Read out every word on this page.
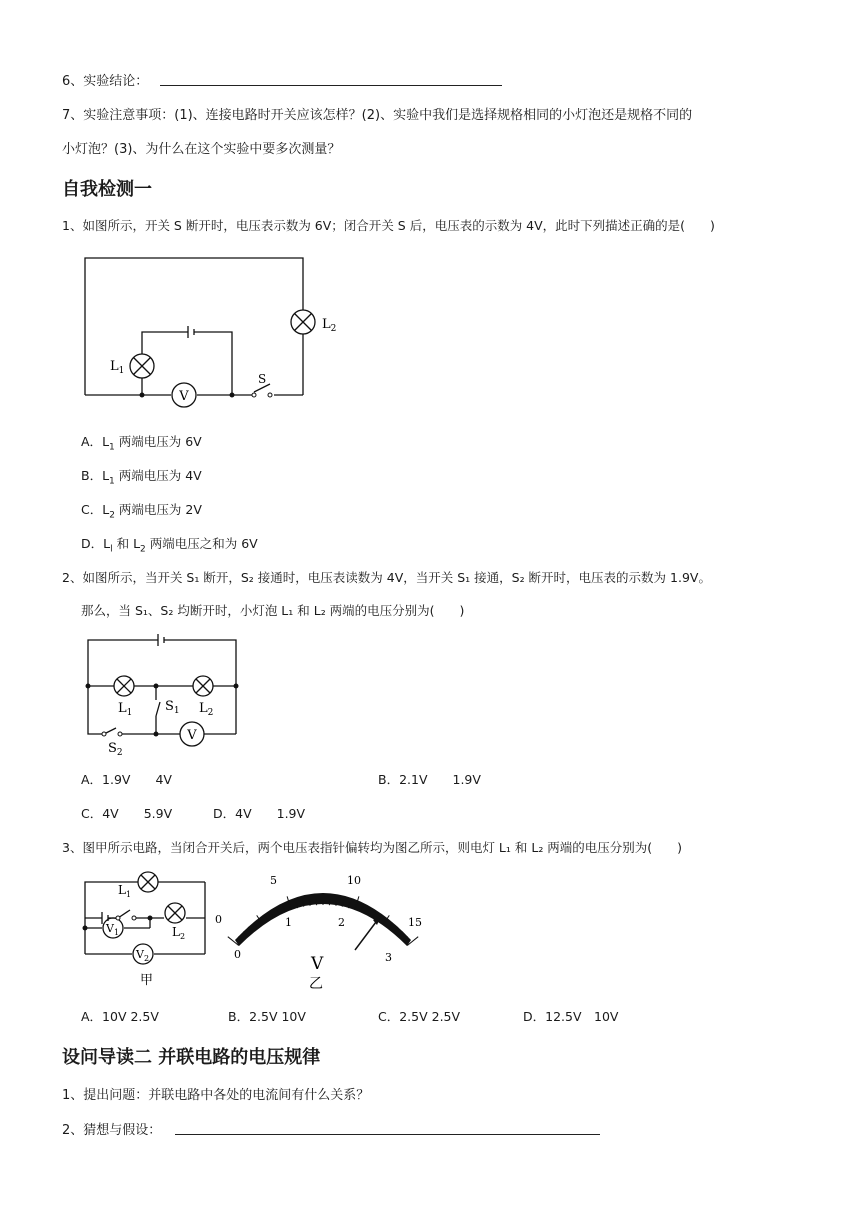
6、实验结论：
7、实验注意事项：(1)、连接电路时开关应该怎样？(2)、实验中我们是选择规格相同的小灯泡还是规格不同的
小灯泡？(3)、为什么在这个实验中要多次测量？
自我检测一
1、如图所示，开关 S 断开时，电压表示数为 6V；闭合开关 S 后，电压表的示数为 4V，此时下列描述正确的是(　　)
V
$L_2$
$L_1$
S
A．$L_1$ 两端电压为 6V
B．$L_1$ 两端电压为 4V
C．$L_2$ 两端电压为 2V
D．$L_l$ 和 $L_2$ 两端电压之和为 6V
2、如图所示，当开关 S₁ 断开，S₂ 接通时，电压表读数为 4V，当开关 S₁ 接通，S₂ 断开时，电压表的示数为 1.9V。
那么，当 S₁、S₂ 均断开时，小灯泡 L₁ 和 L₂ 两端的电压分别为(　　)
V
$L_1$	$L_2$
$S_1$
$S_2$
A．1.9V　　4V	B．2.1V　　1.9V
C．4V　　5.9V	D．4V　　1.9V
3、图甲所示电路，当闭合开关后，两个电压表指针偏转均为图乙所示，则电灯 L₁ 和 L₂ 两端的电压分别为(　　)
$L_1$
$L_2$
$V_1$
$V_2$
甲
0
5	10
15
0
1	2
3
V
乙
A．10V 2.5V	B．2.5V 10V	C．2.5V 2.5V	D．12.5V　10V
设问导读二 并联电路的电压规律
1、提出问题：并联电路中各处的电流间有什么关系？
2、猜想与假设：
